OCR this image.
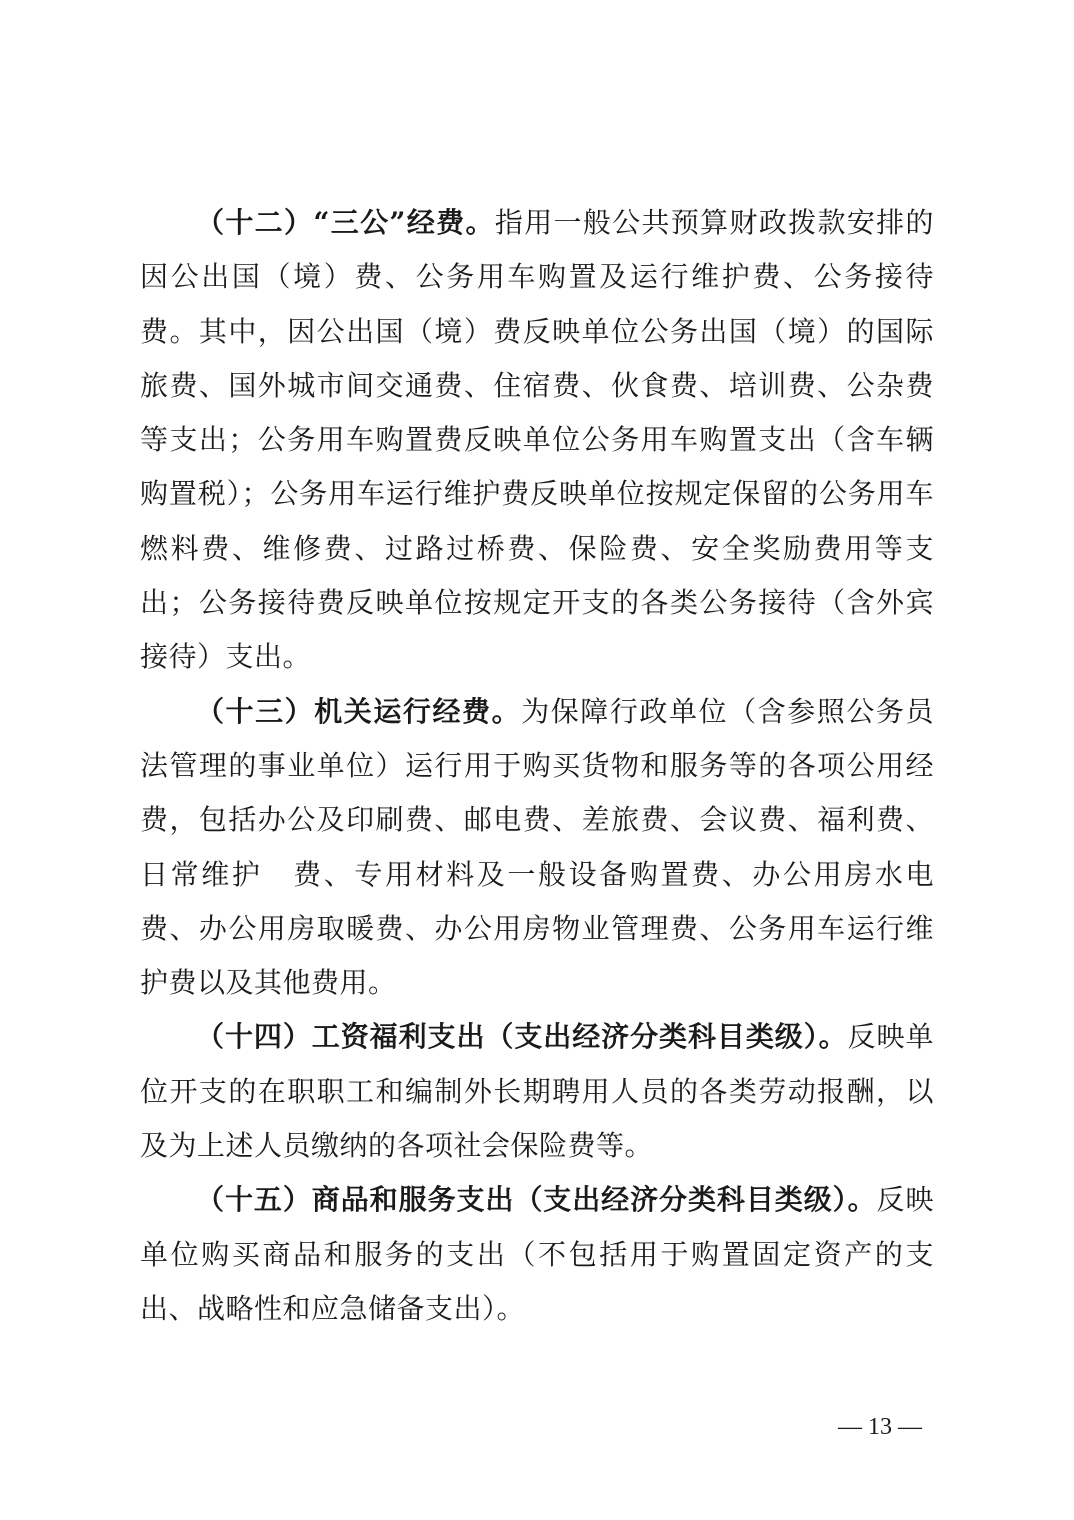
（十二）“三公”经费。指用一般公共预算财政拨款安排的因公出国（境）费、公务用车购置及运行维护费、公务接待费。其中，因公出国（境）费反映单位公务出国（境）的国际旅费、国外城市间交通费、住宿费、伙食费、培训费、公杂费等支出；公务用车购置费反映单位公务用车购置支出（含车辆购置税）；公务用车运行维护费反映单位按规定保留的公务用车燃料费、维修费、过路过桥费、保险费、安全奖励费用等支出；公务接待费反映单位按规定开支的各类公务接待（含外宾接待）支出。

（十三）机关运行经费。为保障行政单位（含参照公务员法管理的事业单位）运行用于购买货物和服务等的各项公用经费，包括办公及印刷费、邮电费、差旅费、会议费、福利费、日常维护　费、专用材料及一般设备购置费、办公用房水电费、办公用房取暖费、办公用房物业管理费、公务用车运行维护费以及其他费用。

（十四）工资福利支出（支出经济分类科目类级）。反映单位开支的在职职工和编制外长期聘用人员的各类劳动报酬，以及为上述人员缴纳的各项社会保险费等。

（十五）商品和服务支出（支出经济分类科目类级）。反映单位购买商品和服务的支出（不包括用于购置固定资产的支出、战略性和应急储备支出）。

— 13 —
